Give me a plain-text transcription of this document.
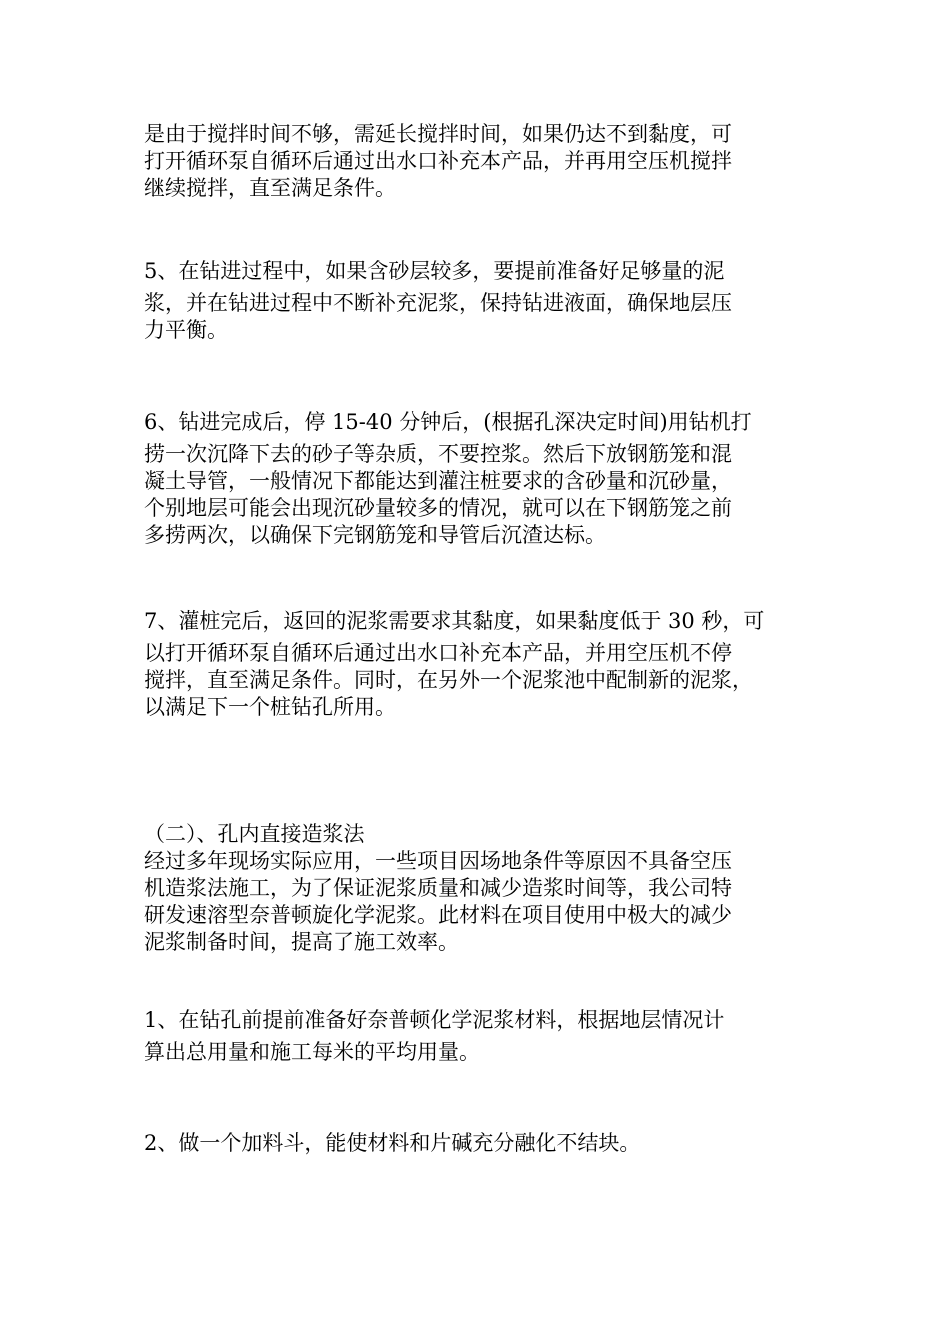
是由于搅拌时间不够，需延长搅拌时间，如果仍达不到黏度，可
打开循环泵自循环后通过出水口补充本产品，并再用空压机搅拌
继续搅拌，直至满足条件。
5、在钻进过程中，如果含砂层较多，要提前准备好足够量的泥
浆，并在钻进过程中不断补充泥浆，保持钻进液面，确保地层压
力平衡。
6、钻进完成后，停 15-40 分钟后，(根据孔深决定时间)用钻机打
捞一次沉降下去的砂子等杂质，不要控浆。然后下放钢筋笼和混
凝土导管，一般情况下都能达到灌注桩要求的含砂量和沉砂量，
个别地层可能会出现沉砂量较多的情况，就可以在下钢筋笼之前
多捞两次，以确保下完钢筋笼和导管后沉渣达标。
7、灌桩完后，返回的泥浆需要求其黏度，如果黏度低于 30 秒，可
以打开循环泵自循环后通过出水口补充本产品，并用空压机不停
搅拌，直至满足条件。同时，在另外一个泥浆池中配制新的泥浆，
以满足下一个桩钻孔所用。
（二）、孔内直接造浆法
经过多年现场实际应用，一些项目因场地条件等原因不具备空压
机造浆法施工，为了保证泥浆质量和减少造浆时间等，我公司特
研发速溶型奈普顿旋化学泥浆。此材料在项目使用中极大的减少
泥浆制备时间，提高了施工效率。
1、在钻孔前提前准备好奈普顿化学泥浆材料，根据地层情况计
算出总用量和施工每米的平均用量。
2、做一个加料斗，能使材料和片碱充分融化不结块。
